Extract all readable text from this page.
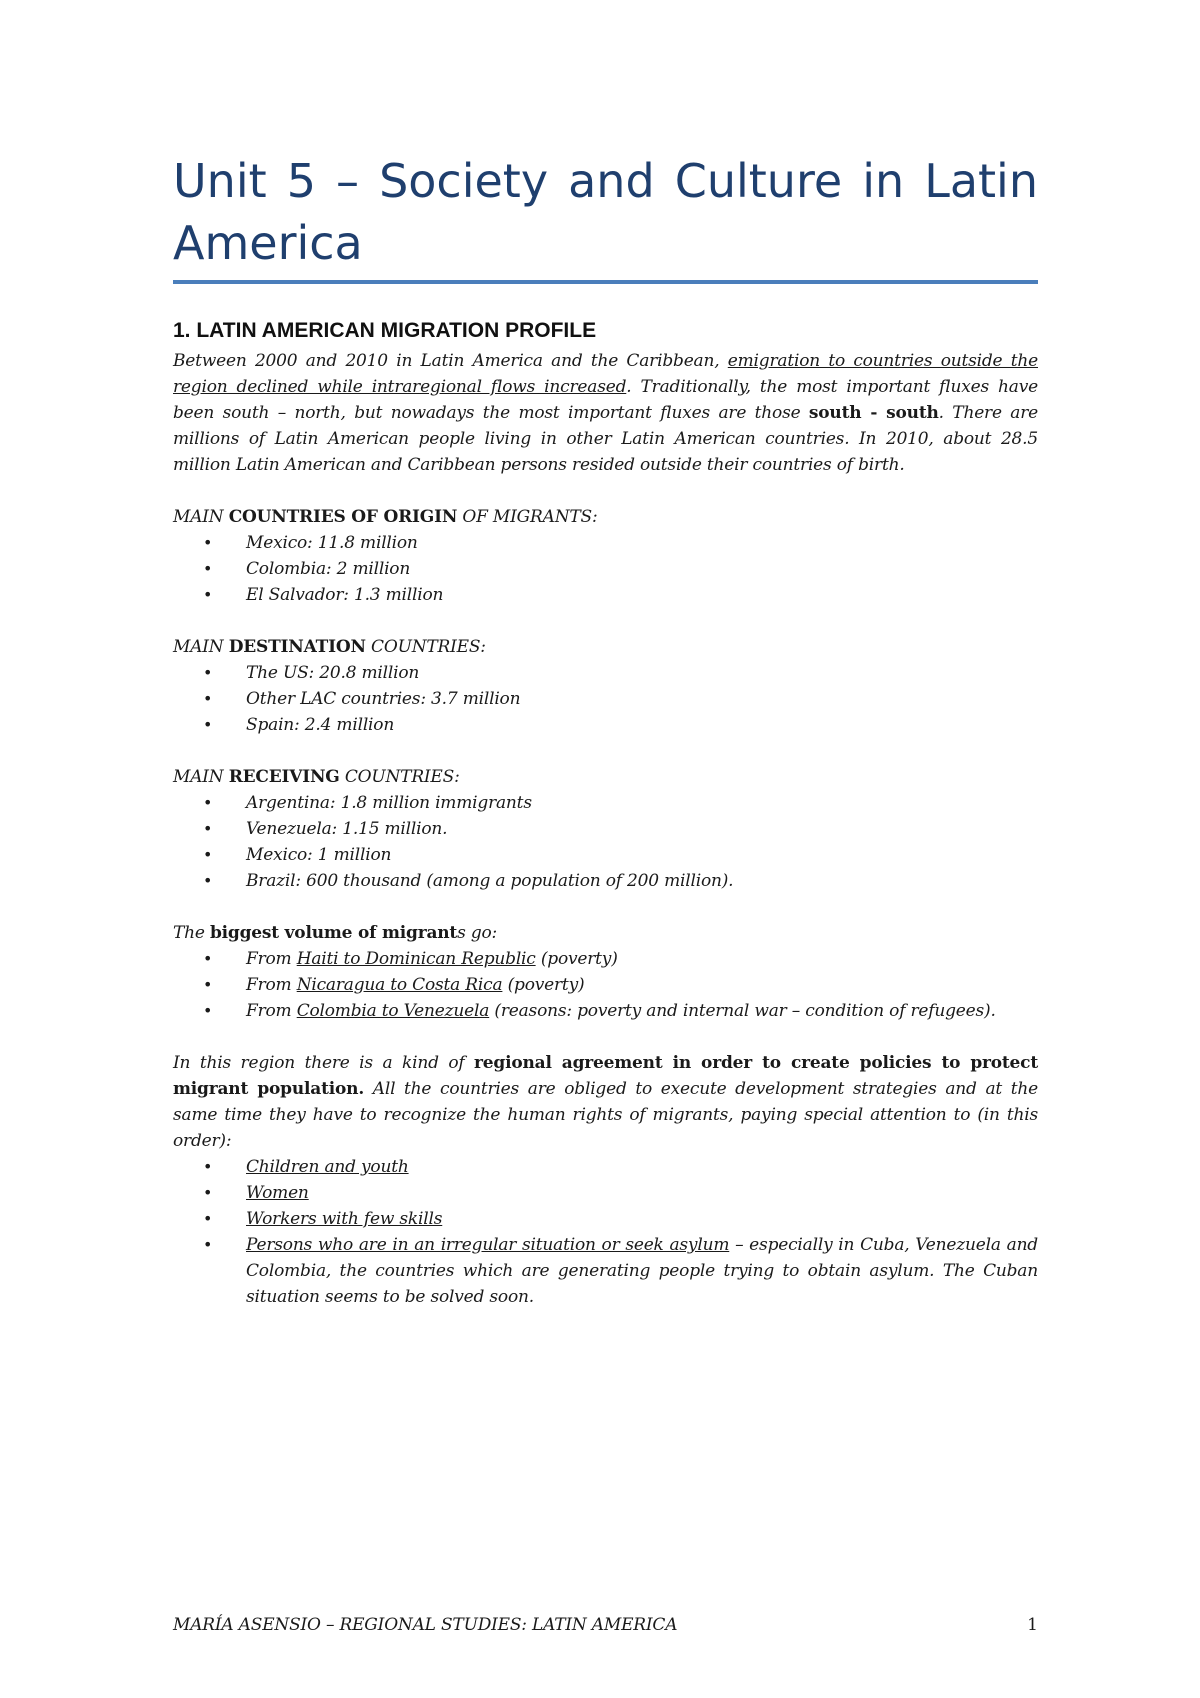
Unit 5 – Society and Culture in Latin America
1. LATIN AMERICAN MIGRATION PROFILE

Between 2000 and 2010 in Latin America and the Caribbean, emigration to countries outside the region declined while intraregional flows increased. Traditionally, the most important fluxes have been south – north, but nowadays the most important fluxes are those south - south. There are millions of Latin American people living in other Latin American countries. In 2010, about 28.5 million Latin American and Caribbean persons resided outside their countries of birth.

MAIN COUNTRIES OF ORIGIN OF MIGRANTS:

• Mexico: 11.8 million
• Colombia: 2 million
• El Salvador: 1.3 million

MAIN DESTINATION COUNTRIES:

• The US: 20.8 million
• Other LAC countries: 3.7 million
• Spain: 2.4 million

MAIN RECEIVING COUNTRIES:

• Argentina: 1.8 million immigrants
• Venezuela: 1.15 million.
• Mexico: 1 million
• Brazil: 600 thousand (among a population of 200 million).

The biggest volume of migrants go:

• From Haiti to Dominican Republic (poverty)
• From Nicaragua to Costa Rica (poverty)
• From Colombia to Venezuela (reasons: poverty and internal war – condition of refugees).

In this region there is a kind of regional agreement in order to create policies to protect migrant population. All the countries are obliged to execute development strategies and at the same time they have to recognize the human rights of migrants, paying special attention to (in this order):

• Children and youth
• Women
• Workers with few skills
• Persons who are in an irregular situation or seek asylum – especially in Cuba, Venezuela and Colombia, the countries which are generating people trying to obtain asylum. The Cuban situation seems to be solved soon.
MARÍA ASENSIO – REGIONAL STUDIES: LATIN AMERICA	1
